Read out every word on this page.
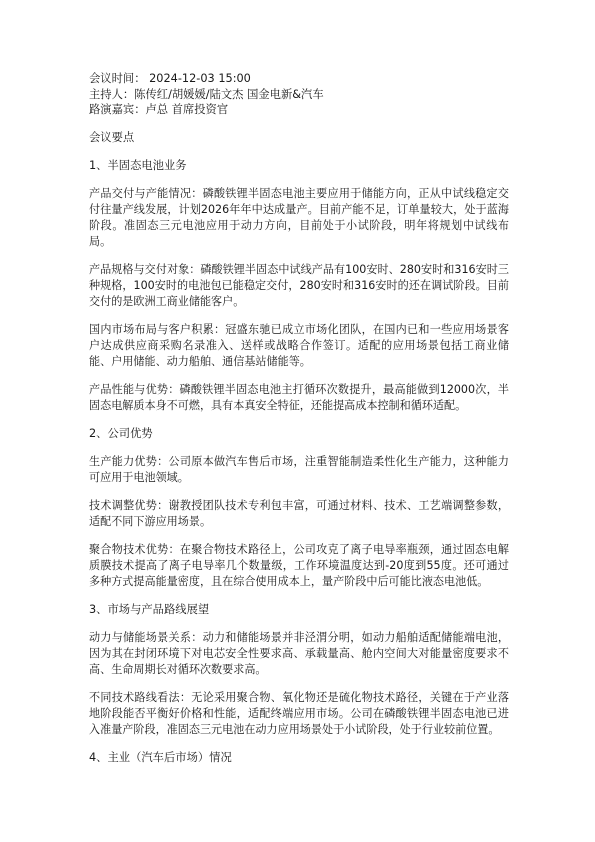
会议时间： 2024-12-03 15:00

主持人：陈传红/胡媛媛/陆文杰 国金电新&汽车

路演嘉宾：卢总 首席投资官

会议要点

1、半固态电池业务

产品交付与产能情况：磷酸铁锂半固态电池主要应用于储能方向，正从中试线稳定交付往量产线发展，计划2026年年中达成量产。目前产能不足，订单量较大，处于蓝海阶段。准固态三元电池应用于动力方向，目前处于小试阶段，明年将规划中试线布局。

产品规格与交付对象：磷酸铁锂半固态中试线产品有100安时、280安时和316安时三种规格，100安时的电池包已能稳定交付，280安时和316安时的还在调试阶段。目前交付的是欧洲工商业储能客户。

国内市场布局与客户积累：冠盛东驰已成立市场化团队，在国内已和一些应用场景客户达成供应商采购名录准入、送样或战略合作签订。适配的应用场景包括工商业储能、户用储能、动力船舶、通信基站储能等。

产品性能与优势：磷酸铁锂半固态电池主打循环次数提升，最高能做到12000次，半固态电解质本身不可燃，具有本真安全特征，还能提高成本控制和循环适配。

2、公司优势

生产能力优势：公司原本做汽车售后市场，注重智能制造柔性化生产能力，这种能力可应用于电池领域。

技术调整优势：谢教授团队技术专利包丰富，可通过材料、技术、工艺端调整参数，适配不同下游应用场景。

聚合物技术优势：在聚合物技术路径上，公司攻克了离子电导率瓶颈，通过固态电解质膜技术提高了离子电导率几个数量级，工作环境温度达到-20度到55度。还可通过多种方式提高能量密度，且在综合使用成本上，量产阶段中后可能比液态电池低。

3、市场与产品路线展望

动力与储能场景关系：动力和储能场景并非泾渭分明，如动力船舶适配储能端电池，因为其在封闭环境下对电芯安全性要求高、承载量高、舱内空间大对能量密度要求不高、生命周期长对循环次数要求高。

不同技术路线看法：无论采用聚合物、氧化物还是硫化物技术路径，关键在于产业落地阶段能否平衡好价格和性能，适配终端应用市场。公司在磷酸铁锂半固态电池已进入准量产阶段，准固态三元电池在动力应用场景处于小试阶段，处于行业较前位置。

4、主业（汽车后市场）情况
